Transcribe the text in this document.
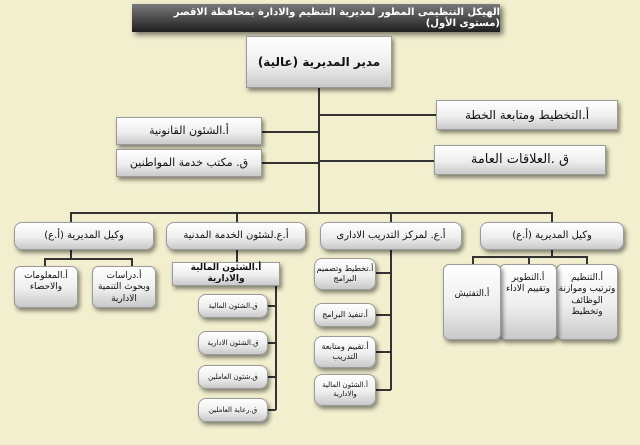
الهيكل التنظيمى المطور لمديرية التنظيم والادارة بمحافظة الاقصر (مستوى الأول)
مدير المديرية (عالية)
أ.التخطيط ومتابعة الخطة
أ.الشئون القانونية
ق. مكتب خدمة المواطنين	ق .العلاقات العامة
وكيل المديرية (أ.ع)
أ.ع. لمركز التدريب الادارى
أ.ع.لشئون الخدمة المدنية
وكيل المديرية (أ.ع)
أ.التنظيم وترتيب وموازنة الوظائف وتخطيط
أ.التطوير وتقييم الاداء
أ.التفتيش
أ.تخطيط وتصميم البرامج
أ.تنفيذ البرامج
أ.تقييم ومتابعة التدريب
أ.الشئون المالية والادارية
أ.الشئون المالية والادارية
ق.الشئون المالية
ق.الشئون الادارية
ق.شئون العاملين
ق.رعاية العاملين
أ.دراسات وبحوث التنمية الادارية
أ.المعلومات والاحصاء
